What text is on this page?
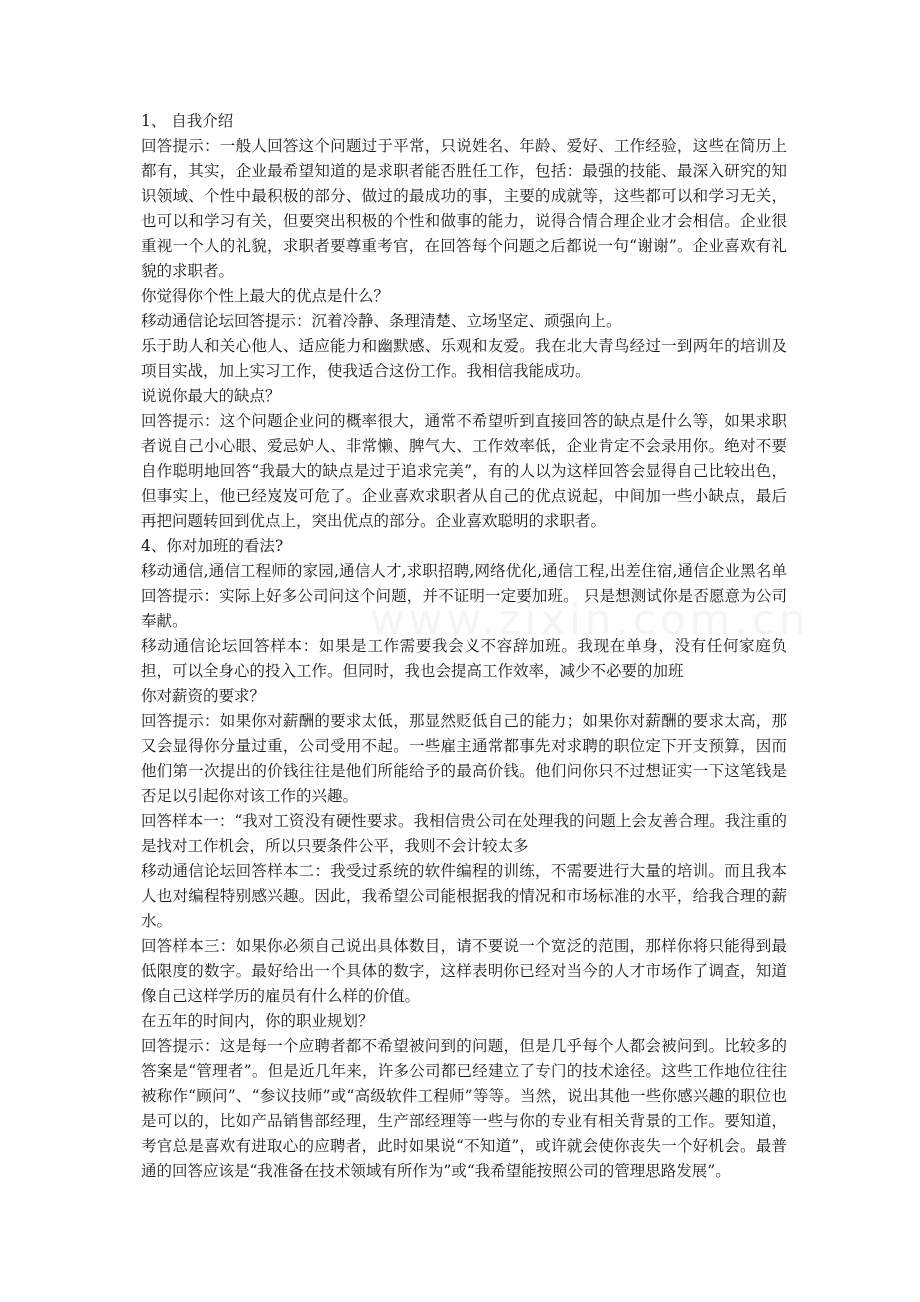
1、 自我介绍

回答提示：一般人回答这个问题过于平常，只说姓名、年龄、爱好、工作经验，这些在简历上都有，其实，企业最希望知道的是求职者能否胜任工作，包括：最强的技能、最深入研究的知识领域、个性中最积极的部分、做过的最成功的事，主要的成就等，这些都可以和学习无关，也可以和学习有关，但要突出积极的个性和做事的能力，说得合情合理企业才会相信。企业很重视一个人的礼貌，求职者要尊重考官，在回答每个问题之后都说一句“谢谢”。企业喜欢有礼貌的求职者。

你觉得你个性上最大的优点是什么？

移动通信论坛回答提示：沉着冷静、条理清楚、立场坚定、顽强向上。

乐于助人和关心他人、适应能力和幽默感、乐观和友爱。我在北大青鸟经过一到两年的培训及项目实战，加上实习工作，使我适合这份工作。我相信我能成功。

说说你最大的缺点？

回答提示：这个问题企业问的概率很大，通常不希望听到直接回答的缺点是什么等，如果求职者说自己小心眼、爱忌妒人、非常懒、脾气大、工作效率低，企业肯定不会录用你。绝对不要自作聪明地回答“我最大的缺点是过于追求完美”，有的人以为这样回答会显得自己比较出色，但事实上，他已经岌岌可危了。企业喜欢求职者从自己的优点说起，中间加一些小缺点，最后再把问题转回到优点上，突出优点的部分。企业喜欢聪明的求职者。

4、你对加班的看法?

移动通信,通信工程师的家园,通信人才,求职招聘,网络优化,通信工程,出差住宿,通信企业黑名单回答提示：实际上好多公司问这个问题，并不证明一定要加班。 只是想测试你是否愿意为公司奉献。

移动通信论坛回答样本：如果是工作需要我会义不容辞加班。我现在单身，没有任何家庭负担，可以全身心的投入工作。但同时，我也会提高工作效率，减少不必要的加班

你对薪资的要求？

回答提示：如果你对薪酬的要求太低，那显然贬低自己的能力；如果你对薪酬的要求太高，那又会显得你分量过重，公司受用不起。一些雇主通常都事先对求聘的职位定下开支预算，因而他们第一次提出的价钱往往是他们所能给予的最高价钱。他们问你只不过想证实一下这笔钱是否足以引起你对该工作的兴趣。

回答样本一：“我对工资没有硬性要求。我相信贵公司在处理我的问题上会友善合理。我注重的是找对工作机会，所以只要条件公平，我则不会计较太多

移动通信论坛回答样本二：我受过系统的软件编程的训练，不需要进行大量的培训。而且我本人也对编程特别感兴趣。因此，我希望公司能根据我的情况和市场标准的水平，给我合理的薪水。

回答样本三：如果你必须自己说出具体数目，请不要说一个宽泛的范围，那样你将只能得到最低限度的数字。最好给出一个具体的数字，这样表明你已经对当今的人才市场作了调查，知道像自己这样学历的雇员有什么样的价值。

在五年的时间内，你的职业规划？

回答提示：这是每一个应聘者都不希望被问到的问题，但是几乎每个人都会被问到。比较多的答案是“管理者”。但是近几年来，许多公司都已经建立了专门的技术途径。这些工作地位往往被称作“顾问”、“参议技师”或“高级软件工程师”等等。当然，说出其他一些你感兴趣的职位也是可以的，比如产品销售部经理，生产部经理等一些与你的专业有相关背景的工作。要知道，考官总是喜欢有进取心的应聘者，此时如果说“不知道”，或许就会使你丧失一个好机会。最普通的回答应该是“我准备在技术领域有所作为”或“我希望能按照公司的管理思路发展”。
